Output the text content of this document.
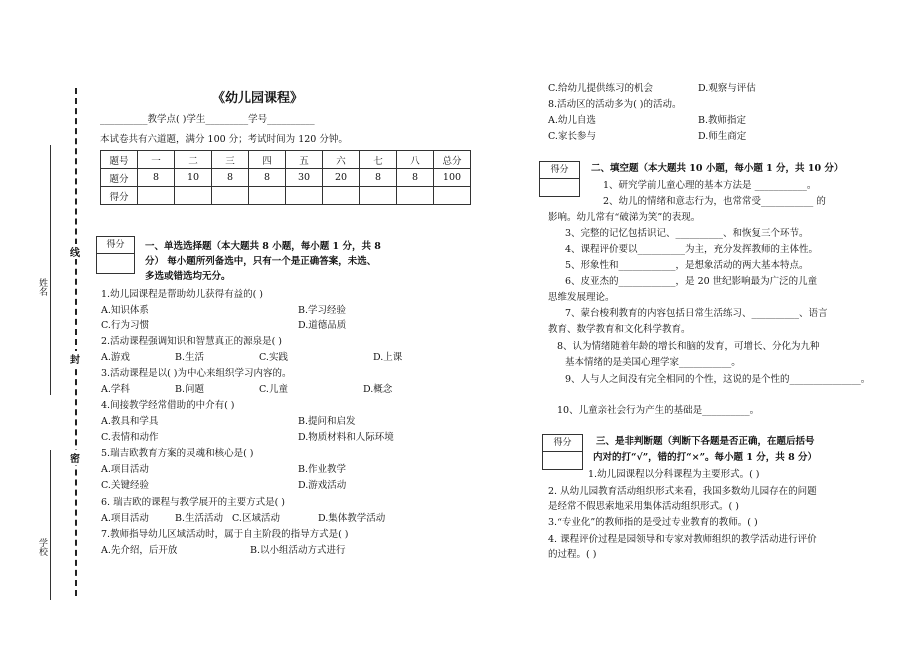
姓名
学校
线
封
密
《幼儿园课程》
__________教学点( )学生_________学号__________
本试卷共有六道题，满分 100 分；考试时间为 120 分钟。
题号	一	二	三	四	五	六	七	八	总分
题分	8	10	8	8	30	20	8	8	100
得分									
得分	一、单选选择题（本大题共 8 小题，每小题 1 分，共 8
分） 每小题所列备选中，只有一个是正确答案，未选、
多选或错选均无分。
1.幼儿园课程是帮助幼儿获得有益的( )
A.知识体系	B.学习经验
C.行为习惯	D.道德品质
2.活动课程强调知识和智慧真正的源泉是( )
A.游戏	B.生活	C.实践	D.上课
3.活动课程是以( )为中心来组织学习内容的。
A.学科	B.问题	C.儿童	D.概念
4.间接教学经常借助的中介有( )
A.教具和学具	B.提问和启发
C.表情和动作	D.物质材料和人际环境
5.瑞吉欧教育方案的灵魂和核心是( )
A.项目活动	B.作业教学
C.关键经验	D.游戏活动
6. 瑞吉欧的课程与教学展开的主要方式是( )
A.项目活动	B.生活活动 C.区域活动	D.集体教学活动
7.教师指导幼儿区域活动时，属于自主阶段的指导方式是( )
A.先介绍，后开放	B.以小组活动方式进行
C.给幼儿提供练习的机会	D.观察与评估
8.活动区的活动多为( )的活动。
A.幼儿自选	B.教师指定
C.家长参与	D.师生商定
得分	二、填空题（本大题共 10 小题，每小题 1 分，共 10 分）
1、研究学前儿童心理的基本方法是 ___________。
2、幼儿的情绪和意志行为，也常常受___________ 的
影响。幼儿常有“破涕为笑”的表现。
3、完整的记忆包括识记、__________、和恢复三个环节。
4、课程评价要以__________为主，充分发挥教师的主体性。
5、形象性和____________，是想象活动的两大基本特点。
6、皮亚杰的____________，是 20 世纪影响最为广泛的儿童
思维发展理论。
7、蒙台梭利教育的内容包括日常生活练习、__________、语言
教育、数学教育和文化科学教育。
8、认为情绪随着年龄的增长和脑的发育，可增长、分化为九种
基本情绪的是美国心理学家___________。
9、人与人之间没有完全相同的个性，这说的是个性的_______________。
10、儿童亲社会行为产生的基础是__________。
得分	三、是非判断题（判断下各题是否正确，在题后括号
内对的打“√”，错的打“×”。每小题 1 分，共 8 分）
1.幼儿园课程以分科课程为主要形式。( )
2. 从幼儿园教育活动组织形式来看，我国多数幼儿园存在的问题
是经常不假思索地采用集体活动组织形式。( )
3.“专业化”的教师指的是受过专业教育的教师。( )
4. 课程评价过程是园领导和专家对教师组织的教学活动进行评价
的过程。( )
